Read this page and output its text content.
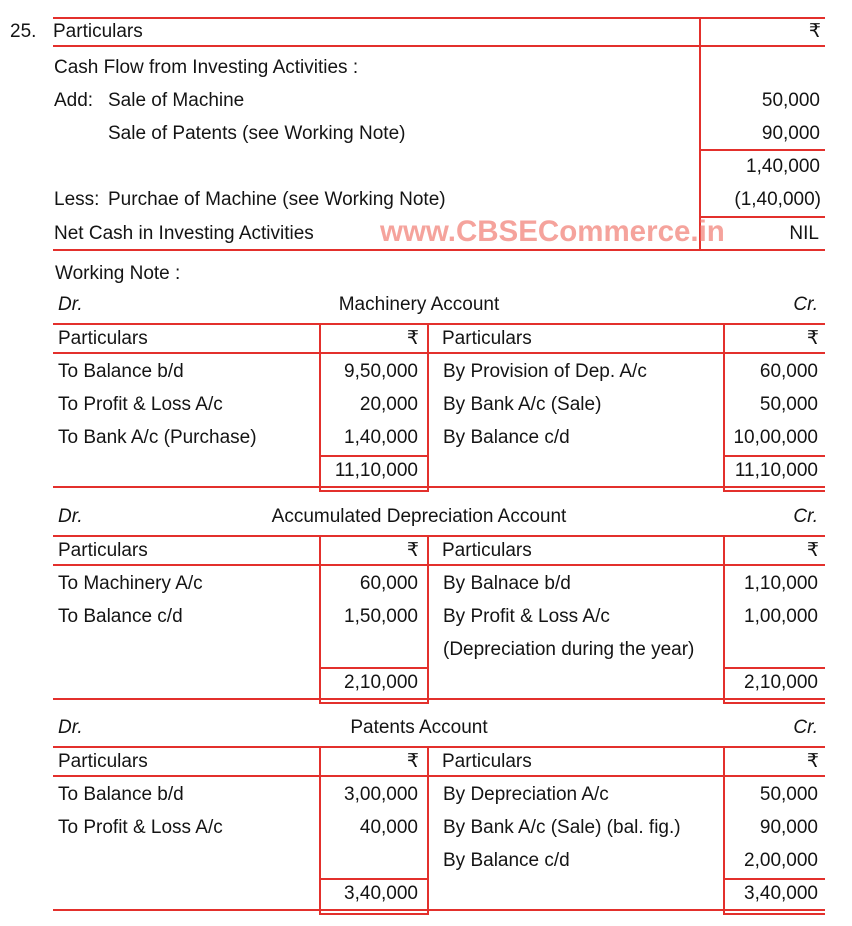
25. Particulars	₹
Cash Flow from Investing Activities :
Add: Sale of Machine	50,000
Sale of Patents (see Working Note)	90,000
1,40,000
Less: Purchae of Machine (see Working Note)	(1,40,000)
Net Cash in Investing Activities	NIL
www.CBSECommerce.in
Working Note :
Dr.	Machinery Account	Cr.
Particulars	₹ Particulars	₹
To Balance b/d	9,50,000 By Provision of Dep. A/c	60,000
To Profit & Loss A/c	20,000 By Bank A/c (Sale)	50,000
To Bank A/c (Purchase)	1,40,000 By Balance c/d	10,00,000
11,10,000	11,10,000
Dr.	Accumulated Depreciation Account	Cr.
Particulars	₹ Particulars	₹
To Machinery A/c	60,000 By Balnace b/d	1,10,000
To Balance c/d	1,50,000 By Profit & Loss A/c	1,00,000
(Depreciation during the year)
2,10,000	2,10,000
Dr.	Patents Account	Cr.
Particulars	₹ Particulars	₹
To Balance b/d	3,00,000 By Depreciation A/c	50,000
To Profit & Loss A/c	40,000 By Bank A/c (Sale) (bal. fig.)	90,000
By Balance c/d	2,00,000
3,40,000	3,40,000
